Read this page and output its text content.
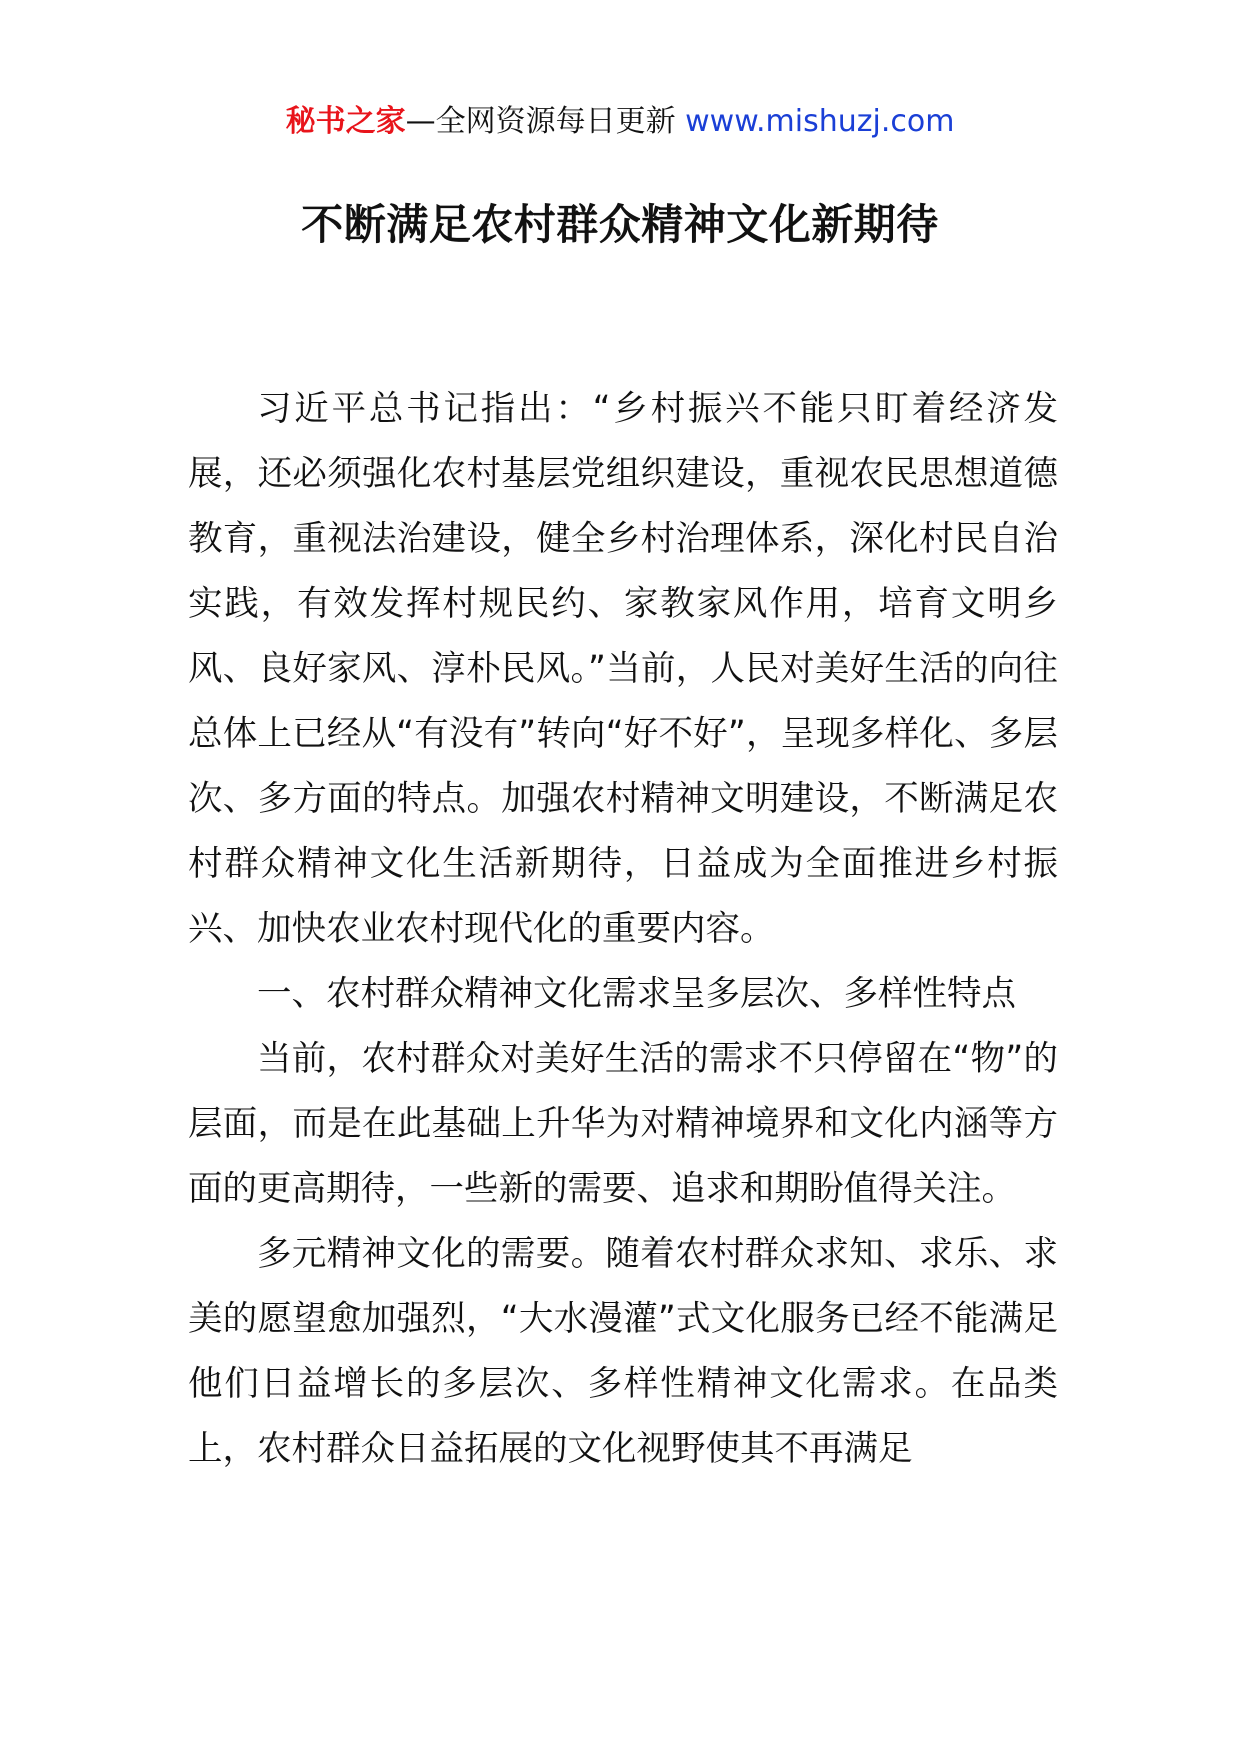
秘书之家—全网资源每日更新 www.mishuzj.com
不断满足农村群众精神文化新期待

习近平总书记指出：“乡村振兴不能只盯着经济发展，还必须强化农村基层党组织建设，重视农民思想道德教育，重视法治建设，健全乡村治理体系，深化村民自治实践，有效发挥村规民约、家教家风作用，培育文明乡风、良好家风、淳朴民风。”当前，人民对美好生活的向往总体上已经从“有没有”转向“好不好”，呈现多样化、多层次、多方面的特点。加强农村精神文明建设，不断满足农村群众精神文化生活新期待，日益成为全面推进乡村振兴、加快农业农村现代化的重要内容。

一、农村群众精神文化需求呈多层次、多样性特点

当前，农村群众对美好生活的需求不只停留在“物”的层面，而是在此基础上升华为对精神境界和文化内涵等方面的更高期待，一些新的需要、追求和期盼值得关注。

多元精神文化的需要。随着农村群众求知、求乐、求美的愿望愈加强烈，“大水漫灌”式文化服务已经不能满足他们日益增长的多层次、多样性精神文化需求。在品类上，农村群众日益拓展的文化视野使其不再满足
